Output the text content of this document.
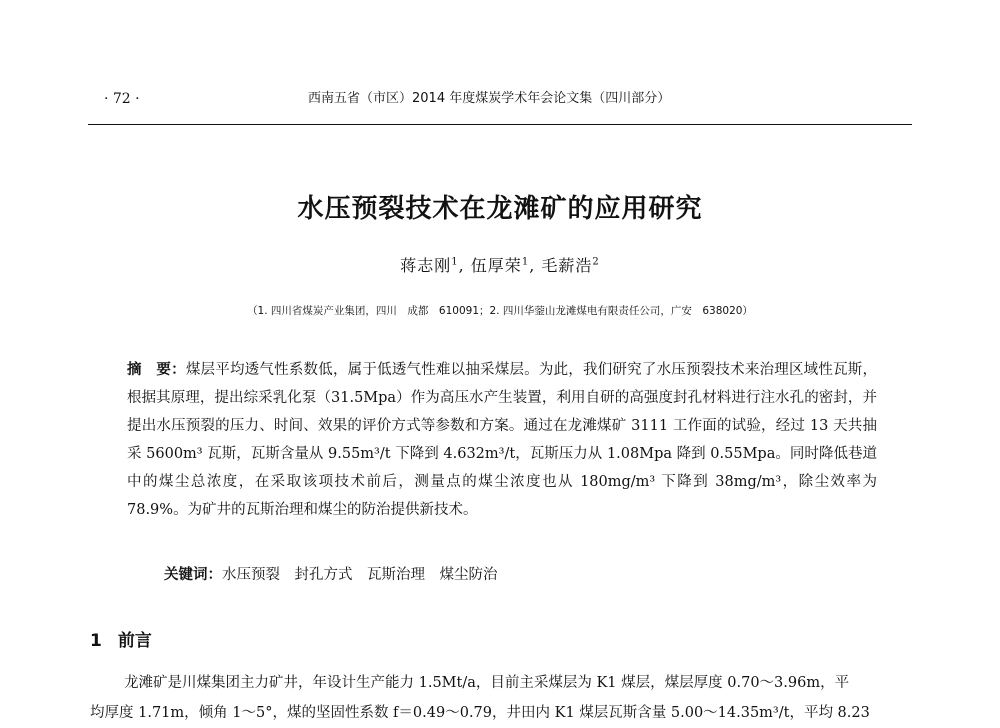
· 72 ·	西南五省（市区）2014 年度煤炭学术年会论文集（四川部分）
水压预裂技术在龙滩矿的应用研究
蒋志刚$^1$, 伍厚荣$^1$, 毛薪浩$^2$
（1. 四川省煤炭产业集团，四川　成都　610091；2. 四川华蓥山龙滩煤电有限责任公司，广安　638020）
摘　要：煤层平均透气性系数低，属于低透气性难以抽采煤层。为此，我们研究了水压预裂技术来治理区域性瓦斯，根据其原理，提出综采乳化泵（31.5Mpa）作为高压水产生装置，利用自研的高强度封孔材料进行注水孔的密封，并提出水压预裂的压力、时间、效果的评价方式等参数和方案。通过在龙滩煤矿 3111 工作面的试验，经过 13 天共抽采 5600m³ 瓦斯，瓦斯含量从 9.55m³/t 下降到 4.632m³/t，瓦斯压力从 1.08Mpa 降到 0.55Mpa。同时降低巷道中的煤尘总浓度，在采取该项技术前后，测量点的煤尘浓度也从 180mg/m³ 下降到 38mg/m³，除尘效率为 78.9%。为矿井的瓦斯治理和煤尘的防治提供新技术。
关键词：水压预裂　封孔方式　瓦斯治理　煤尘防治
1 前言
龙滩矿是川煤集团主力矿井，年设计生产能力 1.5Mt/a，目前主采煤层为 K1 煤层，煤层厚度 0.70～3.96m，平
均厚度 1.71m，倾角 1～5°，煤的坚固性系数 f＝0.49～0.79，井田内 K1 煤层瓦斯含量 5.00～14.35m³/t，平均 8.23
